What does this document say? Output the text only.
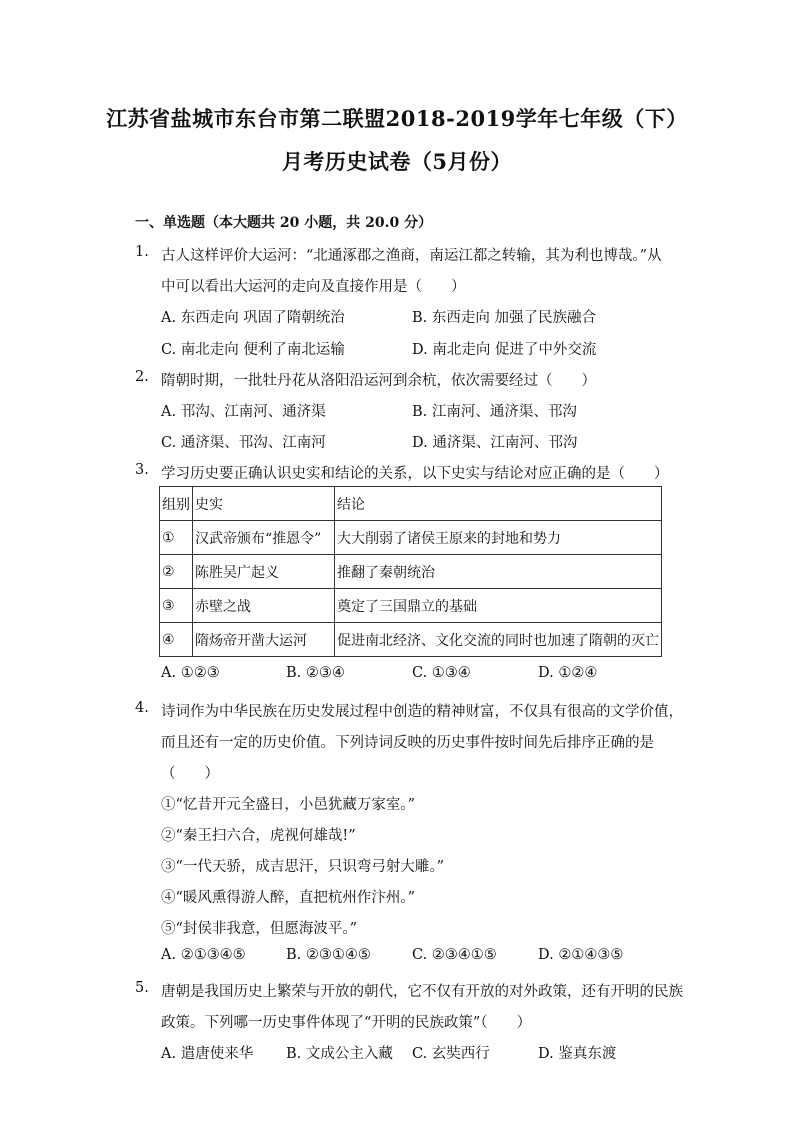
江苏省盐城市东台市第二联盟2018-2019学年七年级（下）
月考历史试卷（5月份）
一、单选题（本大题共 20 小题，共 20.0 分）
1. 古人这样评价大运河：“北通涿郡之渔商，南运江都之转输，其为利也博哉。”从
中可以看出大运河的走向及直接作用是（　　）
A. 东西走向 巩固了隋朝统治	B. 东西走向 加强了民族融合
C. 南北走向 便利了南北运输	D. 南北走向 促进了中外交流
2. 隋朝时期，一批牡丹花从洛阳沿运河到余杭，依次需要经过（　　）
A. 邗沟、江南河、通济渠	B. 江南河、通济渠、邗沟
C. 通济渠、邗沟、江南河	D. 通济渠、江南河、邗沟
3. 学习历史要正确认识史实和结论的关系，以下史实与结论对应正确的是（　　）
组别	史实	结论
①	汉武帝颁布“推恩令”	大大削弱了诸侯王原来的封地和势力
②	陈胜吴广起义	推翻了秦朝统治
③	赤壁之战	奠定了三国鼎立的基础
④	隋炀帝开凿大运河	促进南北经济、文化交流的同时也加速了隋朝的灭亡
A. ①②③	B. ②③④	C. ①③④	D. ①②④
4. 诗词作为中华民族在历史发展过程中创造的精神财富，不仅具有很高的文学价值，
而且还有一定的历史价值。下列诗词反映的历史事件按时间先后排序正确的是
（　　）
①“忆昔开元全盛日，小邑犹藏万家室。”
②“秦王扫六合，虎视何雄哉!”
③“一代天骄，成吉思汗，只识弯弓射大雕。”
④“暖风熏得游人醉，直把杭州作汴州。”
⑤“封侯非我意，但愿海波平。”
A. ②①③④⑤	B. ②③①④⑤	C. ②③④①⑤	D. ②①④③⑤
5. 唐朝是我国历史上繁荣与开放的朝代，它不仅有开放的对外政策，还有开明的民族
政策。下列哪一历史事件体现了“开明的民族政策”（　　）
A. 遣唐使来华 B. 文成公主入藏 C. 玄奘西行	D. 鉴真东渡
